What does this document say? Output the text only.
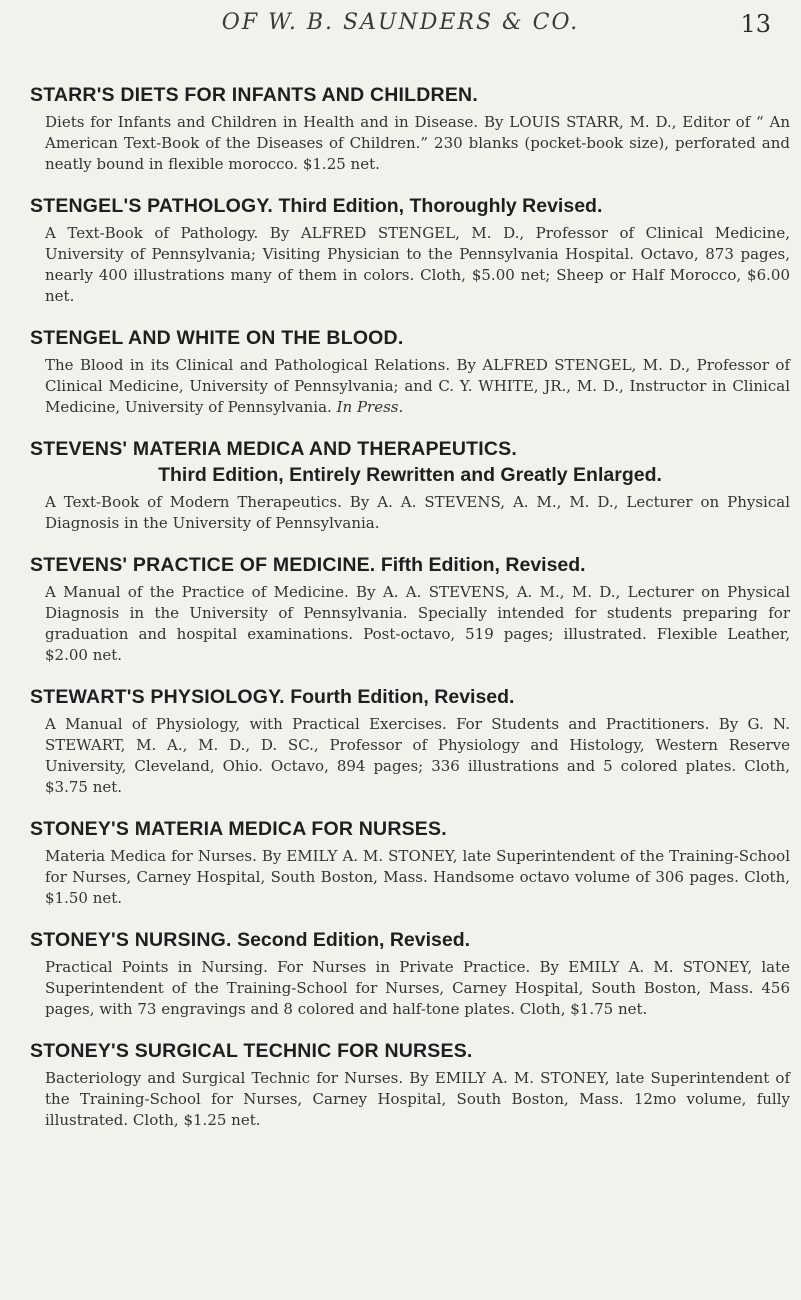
OF W. B. SAUNDERS & CO.	13
STARR'S DIETS FOR INFANTS AND CHILDREN.
Diets for Infants and Children in Health and in Disease. By LOUIS STARR, M. D., Editor of “ An American Text-Book of the Diseases of Children.” 230 blanks (pocket-book size), perforated and neatly bound in flexible morocco. $1.25 net.
STENGEL'S PATHOLOGY. Third Edition, Thoroughly Revised.
A Text-Book of Pathology. By ALFRED STENGEL, M. D., Professor of Clinical Medicine, University of Pennsylvania; Visiting Physician to the Pennsylvania Hospital. Octavo, 873 pages, nearly 400 illustrations many of them in colors. Cloth, $5.00 net; Sheep or Half Morocco, $6.00 net.
STENGEL AND WHITE ON THE BLOOD.
The Blood in its Clinical and Pathological Relations. By ALFRED STENGEL, M. D., Professor of Clinical Medicine, University of Pennsylvania; and C. Y. WHITE, JR., M. D., Instructor in Clinical Medicine, University of Pennsylvania. In Press.
STEVENS' MATERIA MEDICA AND THERAPEUTICS.
Third Edition, Entirely Rewritten and Greatly Enlarged.
A Text-Book of Modern Therapeutics. By A. A. STEVENS, A. M., M. D., Lecturer on Physical Diagnosis in the University of Pennsylvania.
STEVENS' PRACTICE OF MEDICINE. Fifth Edition, Revised.
A Manual of the Practice of Medicine. By A. A. STEVENS, A. M., M. D., Lecturer on Physical Diagnosis in the University of Pennsylvania. Specially intended for students preparing for graduation and hospital examinations. Post-octavo, 519 pages; illustrated. Flexible Leather, $2.00 net.
STEWART'S PHYSIOLOGY. Fourth Edition, Revised.
A Manual of Physiology, with Practical Exercises. For Students and Practitioners. By G. N. STEWART, M. A., M. D., D. SC., Professor of Physiology and Histology, Western Reserve University, Cleveland, Ohio. Octavo, 894 pages; 336 illustrations and 5 colored plates. Cloth, $3.75 net.
STONEY'S MATERIA MEDICA FOR NURSES.
Materia Medica for Nurses. By EMILY A. M. STONEY, late Superintendent of the Training-School for Nurses, Carney Hospital, South Boston, Mass. Handsome octavo volume of 306 pages. Cloth, $1.50 net.
STONEY'S NURSING. Second Edition, Revised.
Practical Points in Nursing. For Nurses in Private Practice. By EMILY A. M. STONEY, late Superintendent of the Training-School for Nurses, Carney Hospital, South Boston, Mass. 456 pages, with 73 engravings and 8 colored and half-tone plates. Cloth, $1.75 net.
STONEY'S SURGICAL TECHNIC FOR NURSES.
Bacteriology and Surgical Technic for Nurses. By EMILY A. M. STONEY, late Superintendent of the Training-School for Nurses, Carney Hospital, South Boston, Mass. 12mo volume, fully illustrated. Cloth, $1.25 net.
